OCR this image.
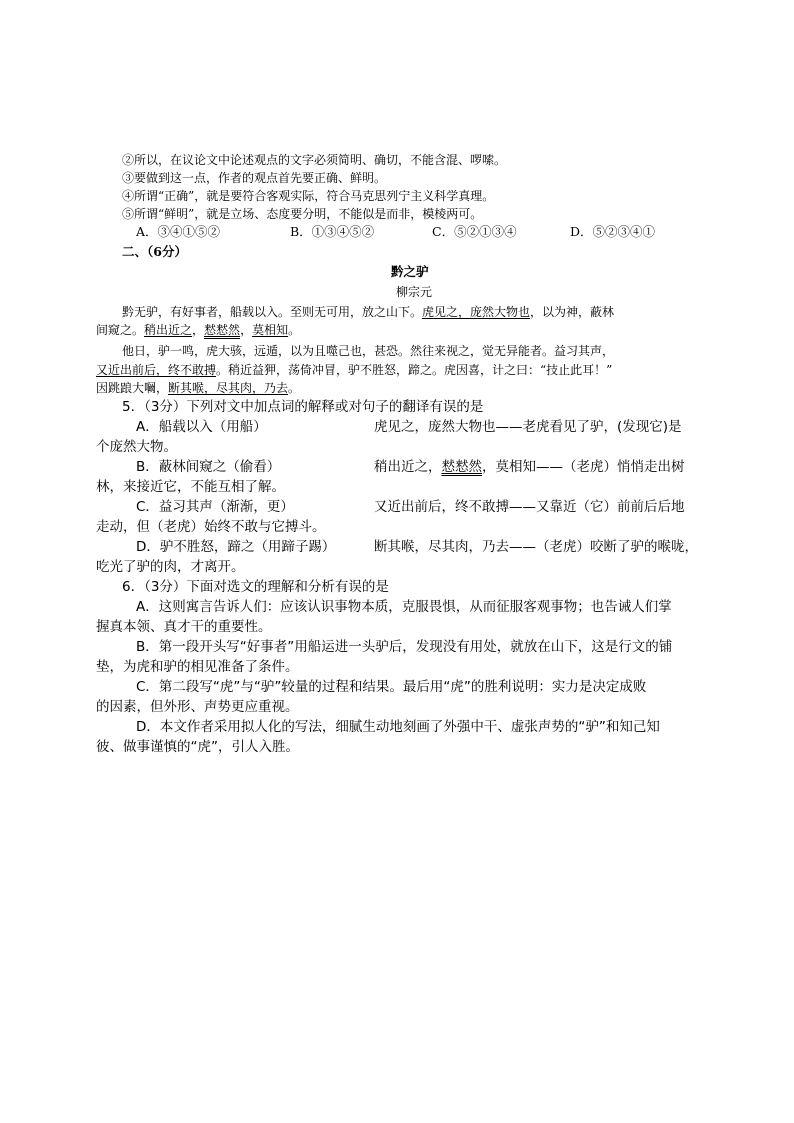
②所以，在议论文中论述观点的文字必须简明、确切，不能含混、啰嗦。
③要做到这一点，作者的观点首先要正确、鲜明。
④所谓“正确”，就是要符合客观实际，符合马克思列宁主义科学真理。
⑤所谓“鲜明”，就是立场、态度要分明，不能似是而非，模棱两可。
A．③④①⑤②	B．①③④⑤②	C．⑤②①③④	D．⑤②③④①
二、（6分）
黔之驴
柳宗元
黔无驴，有好事者，船载以入。至则无可用，放之山下。虎见之，庞然大物也，以为神，蔽林
间窥之。稍出近之，慭慭然，莫相知。
他日，驴一鸣，虎大骇，远遁，以为且噬己也，甚恐。然往来视之，觉无异能者。益习其声，
又近出前后，终不敢搏。稍近益狎，荡倚冲冒，驴不胜怒，蹄之。虎因喜，计之曰：“技止此耳！”
因跳踉大㘎，断其喉，尽其肉，乃去。
5．（3分）下列对文中加点词的解释或对句子的翻译有误的是
A．船载以入（用船）	虎见之，庞然大物也——老虎看见了驴，(发现它)是
个庞然大物。
B．蔽林间窥之（偷看）	稍出近之，慭慭然，莫相知——（老虎）悄悄走出树
林，来接近它，不能互相了解。
C．益习其声（渐渐，更）	又近出前后，终不敢搏——又靠近（它）前前后后地
走动，但（老虎）始终不敢与它搏斗。
D．驴不胜怒，蹄之（用蹄子踢）	断其喉，尽其肉，乃去——（老虎）咬断了驴的喉咙，
吃光了驴的肉，才离开。
6．（3分）下面对选文的理解和分析有误的是
A．这则寓言告诉人们：应该认识事物本质，克服畏惧，从而征服客观事物；也告诫人们掌
握真本领、真才干的重要性。
B．第一段开头写“好事者”用船运进一头驴后，发现没有用处，就放在山下，这是行文的铺
垫，为虎和驴的相见准备了条件。
C．第二段写“虎”与“驴”较量的过程和结果。最后用“虎”的胜利说明：实力是决定成败
的因素，但外形、声势更应重视。
D．本文作者采用拟人化的写法，细腻生动地刻画了外强中干、虚张声势的“驴”和知己知
彼、做事谨慎的“虎”，引人入胜。
